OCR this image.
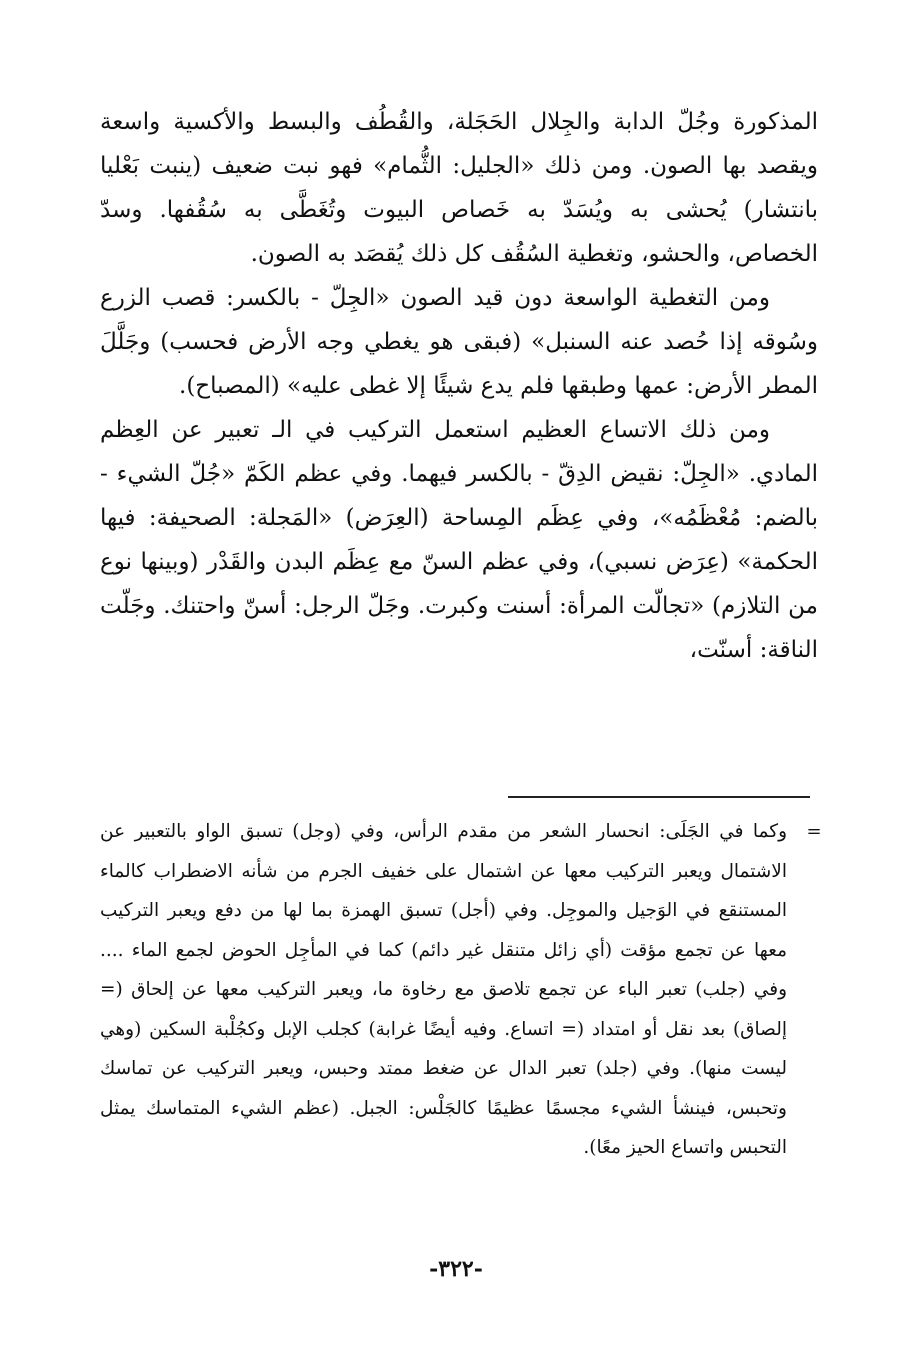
المذكورة وجُلّ الدابة والجِلال الحَجَلة، والقُطُف والبسط والأكسية واسعة ويقصد بها الصون. ومن ذلك «الجليل: الثُّمام» فهو نبت ضعيف (ينبت بَعْليا بانتشار) يُحشى به ويُسَدّ به خَصاص البيوت وتُغَطَّى به سُقُفها. وسدّ الخصاص، والحشو، وتغطية السُقُف كل ذلك يُقصَد به الصون.

ومن التغطية الواسعة دون قيد الصون «الجِلّ - بالكسر: قصب الزرع وسُوقه إذا حُصد عنه السنبل» (فبقى هو يغطي وجه الأرض فحسب) وجَلَّلَ المطر الأرض: عمها وطبقها فلم يدع شيئًا إلا غطى عليه» (المصباح).

ومن ذلك الاتساع العظيم استعمل التركيب في الـ تعبير عن العِظم المادي. «الجِلّ: نقيض الدِقّ - بالكسر فيهما. وفي عظم الكَمّ «جُلّ الشيء - بالضم: مُعْظَمُه»، وفي عِظَم المِساحة (العِرَض) «المَجلة: الصحيفة: فيها الحكمة» (عِرَض نسبي)، وفي عظم السنّ مع عِظَم البدن والقَدْر (وبينها نوع من التلازم) «تجالّت المرأة: أسنت وكبرت. وجَلّ الرجل: أسنّ واحتنك. وجَلّت الناقة: أسنّت،

=

وكما في الجَلَى: انحسار الشعر من مقدم الرأس، وفي (وجل) تسبق الواو بالتعبير عن الاشتمال ويعبر التركيب معها عن اشتمال على خفيف الجرم من شأنه الاضطراب كالماء المستنقع في الوَجيل والموجِل. وفي (أجل) تسبق الهمزة بما لها من دفع ويعبر التركيب معها عن تجمع مؤقت (أي زائل متنقل غير دائم) كما في المأجِل الحوض لجمع الماء .... وفي (جلب) تعبر الباء عن تجمع تلاصق مع رخاوة ما، ويعبر التركيب معها عن إلحاق (= إلصاق) بعد نقل أو امتداد (= اتساع. وفيه أيضًا غرابة) كجلب الإبل وكجُلْبة السكين (وهي ليست منها). وفي (جلد) تعبر الدال عن ضغط ممتد وحبس، ويعبر التركيب عن تماسك وتحبس، فينشأ الشيء مجسمًا عظيمًا كالجَلْس: الجبل. (عظم الشيء المتماسك يمثل التحبس واتساع الحيز معًا).

-٣٢٢-
